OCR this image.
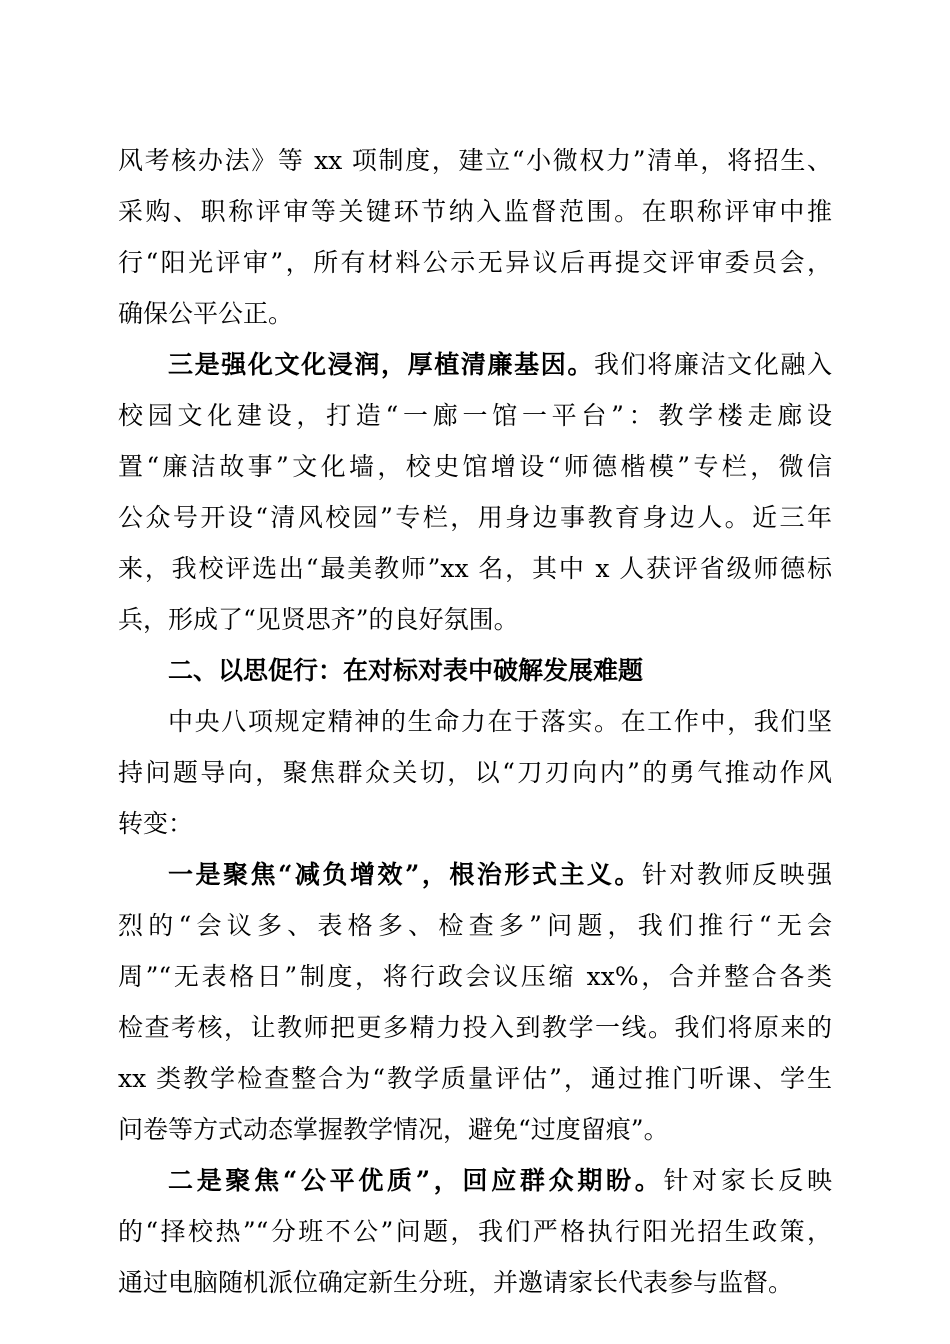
风考核办法》等 xx 项制度，建立“小微权力”清单，将招生、
采购、职称评审等关键环节纳入监督范围。在职称评审中推
行“阳光评审”，所有材料公示无异议后再提交评审委员会，
确保公平公正。
三是强化文化浸润，厚植清廉基因。我们将廉洁文化融入
校园文化建设，打造“一廊一馆一平台”：教学楼走廊设
置“廉洁故事”文化墙，校史馆增设“师德楷模”专栏，微信
公众号开设“清风校园”专栏，用身边事教育身边人。近三年
来，我校评选出“最美教师”xx 名，其中 x 人获评省级师德标
兵，形成了“见贤思齐”的良好氛围。
二、以思促行：在对标对表中破解发展难题
中央八项规定精神的生命力在于落实。在工作中，我们坚
持问题导向，聚焦群众关切，以“刀刃向内”的勇气推动作风
转变：
一是聚焦“减负增效”，根治形式主义。针对教师反映强
烈的“会议多、表格多、检查多”问题，我们推行“无会
周”“无表格日”制度，将行政会议压缩 xx%，合并整合各类
检查考核，让教师把更多精力投入到教学一线。我们将原来的
xx 类教学检查整合为“教学质量评估”，通过推门听课、学生
问卷等方式动态掌握教学情况，避免“过度留痕”。
二是聚焦“公平优质”，回应群众期盼。针对家长反映
的“择校热”“分班不公”问题，我们严格执行阳光招生政策，
通过电脑随机派位确定新生分班，并邀请家长代表参与监督。
